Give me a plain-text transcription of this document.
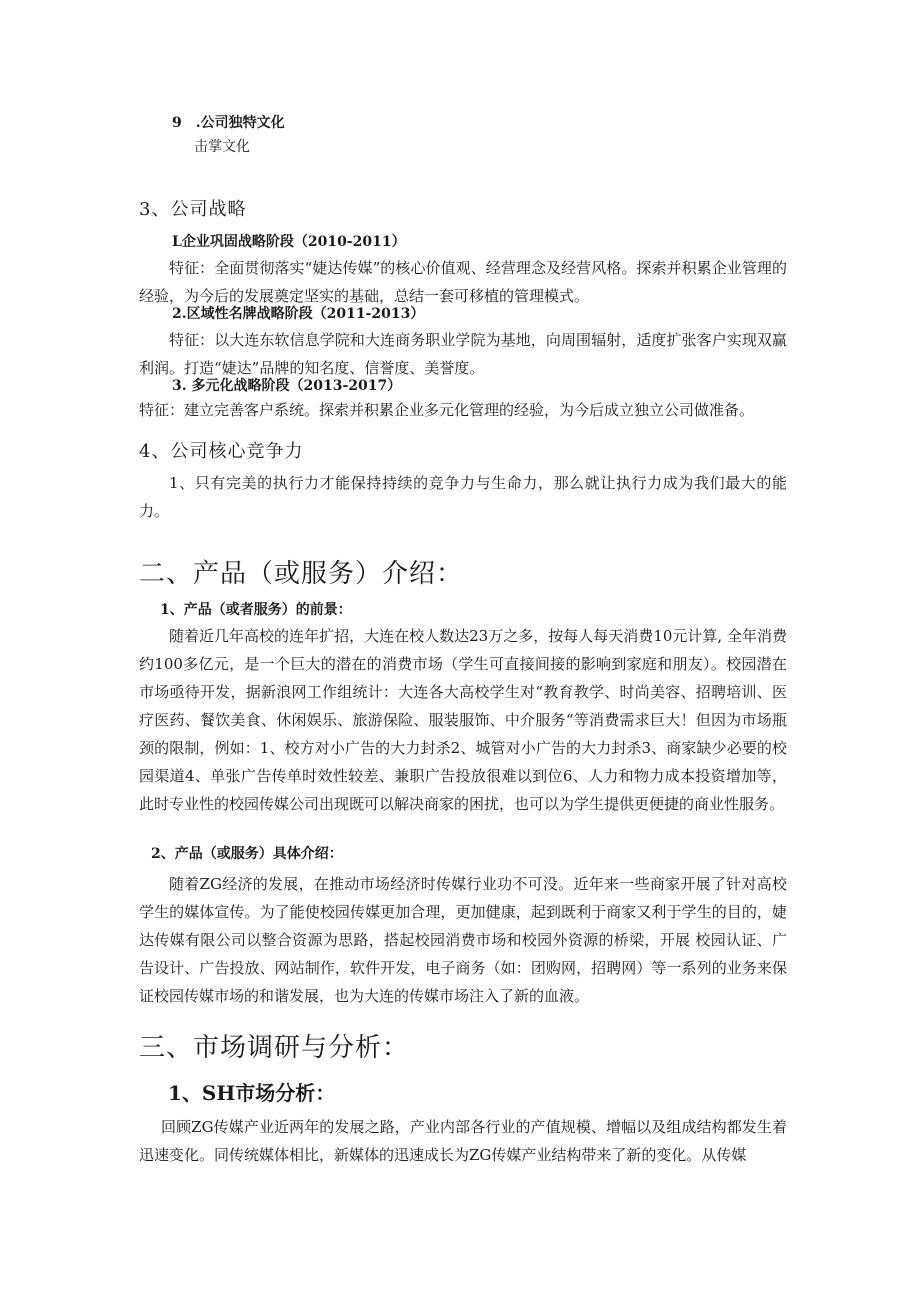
9　.公司独特文化
击掌文化
3、公司战略
L企业巩固战略阶段（2010-2011）

特征：全面贯彻落实“婕达传媒”的核心价值观、经营理念及经营风格。探索并积累企业管理的经验，为今后的发展奠定坚实的基础，总结一套可移植的管理模式。

2.区域性名牌战略阶段（2011-2013）

特征：以大连东软信息学院和大连商务职业学院为基地，向周围辐射，适度扩张客户实现双赢利润。打造“婕达”品牌的知名度、信誉度、美誉度。

3. 多元化战略阶段（2013-2017）
特征：建立完善客户系统。探索并积累企业多元化管理的经验，为今后成立独立公司做准备。
4、公司核心竞争力

1、只有完美的执行力才能保持持续的竞争力与生命力，那么就让执行力成为我们最大的能力。

二、产品（或服务）介绍：
1、产品（或者服务）的前景：

随着近几年高校的连年扩招，大连在校人数达23万之多，按每人每天消费10元计算, 全年消费约100多亿元，是一个巨大的潜在的消费市场（学生可直接间接的影响到家庭和朋友）。校园潜在市场亟待开发，据新浪网工作组统计：大连各大高校学生对“教育教学、时尚美容、招聘培训、医疗医药、餐饮美食、休闲娱乐、旅游保险、服装服饰、中介服务“等消费需求巨大！但因为市场瓶颈的限制，例如：1、校方对小广告的大力封杀2、城管对小广告的大力封杀3、商家缺少必要的校园渠道4、单张广告传单时效性较差、兼职广告投放很难以到位6、人力和物力成本投资增加等，此时专业性的校园传媒公司出现既可以解决商家的困扰，也可以为学生提供更便捷的商业性服务。

2、产品（或服务）具体介绍：

随着ZG经济的发展，在推动市场经济时传媒行业功不可没。近年来一些商家开展了针对高校学生的媒体宣传。为了能使校园传媒更加合理，更加健康，起到既利于商家又利于学生的目的，婕达传媒有限公司以整合资源为思路，搭起校园消费市场和校园外资源的桥梁，开展 校园认证、广告设计、广告投放、网站制作，软件开发，电子商务（如：团购网，招聘网）等一系列的业务来保证校园传媒市场的和谐发展，也为大连的传媒市场注入了新的血液。

三、市场调研与分析：
1、SH市场分析：

回顾ZG传媒产业近两年的发展之路，产业内部各行业的产值规模、增幅以及组成结构都发生着迅速变化。同传统媒体相比，新媒体的迅速成长为ZG传媒产业结构带来了新的变化。从传媒
